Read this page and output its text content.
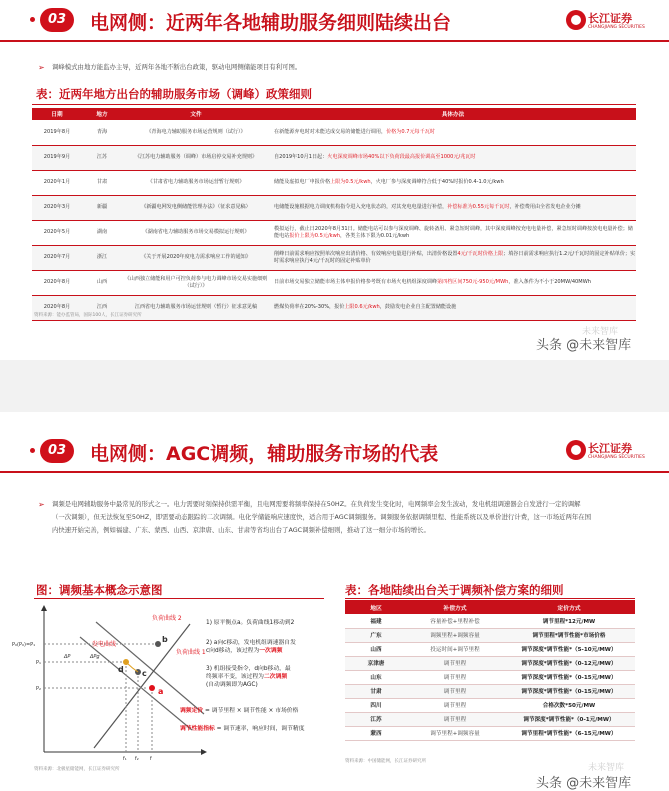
03	电网侧：近两年各地辅助服务细则陆续出台	长江证券
CHANGJIANG SECURITIES
➢ 调峰模式由地方能监办主导，近两年各地不断出台政策，驱动电网侧储能项目有利可图。
表：近两年地方出台的辅助服务市场（调峰）政策细则
日期	地方	文件	具体办法
2019年8月	青海	《青海电力辅助服务市场运营规则（试行）》	在新能源弃电时对未能达成交易的储能进行调用，价格为0.7元每千瓦时
2019年9月	江苏	《江苏电力辅助服务（调峰）市场启停交易补充规则》	自2019年10月1日起：火电深度调峰市场40%以下负荷段最高报价调高至1000元/兆瓦时
2020年1月	甘肃	《甘肃省电力辅助服务市场运营暂行规则》	储能及虚拟电厂申报价格上限为0.5元/kwh，火电厂参与深度调峰符合低于40%时报价0.4-1.0元/kwh
2020年3月	新疆	《新疆电网发电侧储能管理办法》（征求意见稿）	电储能设施根据电力调度机构指令进入充电状态的，对其充电电量进行补偿，补偿标准为0.55元每千瓦时，补偿费用由全省发电企业分摊
2020年5月	湖南	《湖南省电力辅助服务市场交易模拟运行规则》	模拟运行，截止日2020年8月31日。储能电站可以参与深度调峰、旋转备用、紧急短时调峰，其中深度调峰按充电电量补偿，紧急短时调峰按放电电量补偿；储能电站报价上限为0.5元/kwh，各类主体下限为0.01元/kwh
2020年7月	浙江	《关于开展2020年度电力需求响应工作的通知》	削峰日前需求响应按照单次响应出清价格、有效响应电量进行补贴，出清价格设置4元/千瓦时价格上限；填谷日前需求响应执行1.2元/千瓦时的固定补贴单价；实时需求响应执行4元/千瓦时的固定补贴单价
2020年8月	山西	《山西独立储能和用户可控负荷参与电力调峰市场交易实施细则（试行）》	日前市场交易独立储能市场主体申报价格参考既有市场火电机组深度调峰第四档区间750元-950元/MWh，准入条件为不小于20MW/40MWh
2020年8月	江西	江西省电力辅助服务市场运营规则（暂行）征求意见稿	燃煤负荷率在20%-30%，报价上限0.6元/kwh，鼓励发电企业自主配置储能设施
资料来源：能办监管局，国际100人，长江证券研究所
未来智库
头条 @未来智库
03	电网侧：AGC调频，辅助服务市场的代表	长江证券
CHANGJIANG SECURITIES
➢ 调频是电网辅助服务中最常见的形式之一。电力需要时刻保持供需平衡，且电网需要将频率保持在50HZ。在负荷发生变化时，电网频率会发生波动，发电机组调速器会自发进行一定的调解（一次调频），但无法恢复至50HZ，即需要动态跟踪的二次调频。电化学储能响应速度快，适合用于AGC调频服务。调频服务依据调频里程、性能系统以及单价进行计费，这一市场近两年在国内快速开始完善，例如福建、广东、蒙西、山西、京津唐、山东、甘肃等省均出台了AGC调频补偿细则，推动了这一细分市场的增长。
图：调频基本概念示意图	表：各地陆续出台关于调频补偿方案的细则
a
b
c
d
负荷曲线 2
负荷曲线 1
发电曲线
P₀(P₀)=P₁
P₁
P₂
ΔP	ΔPg
f₁ f₂ f
1) 原平衡点a。负荷曲线1移动到2
2) a向c移动，发电机组调速器自发
c向d移动，该过程为一次调频
3) 机组接受指令，d向b移动，最
终频率不变，该过程为二次调频
(自动调频即为AGC)
调频定价 = 调节里程 × 调节性能 × 市场价格
调节性能指标 = 调节速率，响应时间，调节精度
地区	补偿方式	定价方式
福建	容量补偿+里程补偿	调节里程*12元/MW
广东	调频里程+调频容量	调节里程*调节性能*市场价格
山西	投运时间+调节里程	调节深度*调节性能*（5-10元/MW）
京津唐	调节里程	调节深度*调节性能*（0-12元/MW）
山东	调节里程	调节深度*调节性能*（0-15元/MW）
甘肃	调节里程	调节深度*调节性能*（0-15元/MW）
四川	调节里程	合格次数*50元/MW
江苏	调节里程	调节深度*调节性能*（0-1元/MW）
蒙西	调节里程+调频容量	调节里程*调节性能*（6-15元/MW）
资料来源：北极星储能网，长江证券研究所
资料来源：中国储能网，长江证券研究所
未来智库
头条 @未来智库
